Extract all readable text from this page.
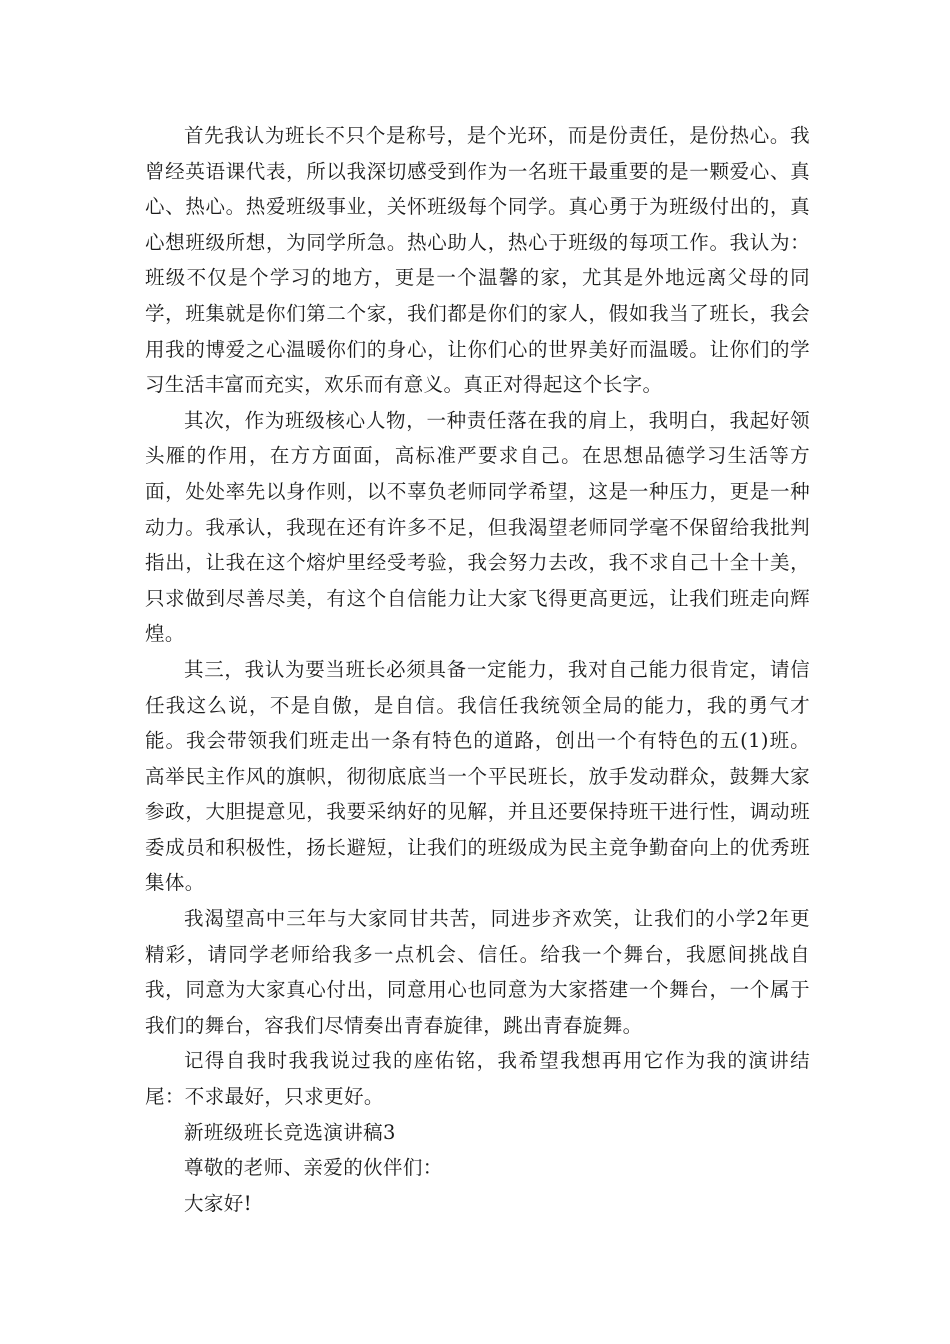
首先我认为班长不只个是称号，是个光环，而是份责任，是份热心。我曾经英语课代表，所以我深切感受到作为一名班干最重要的是一颗爱心、真心、热心。热爱班级事业，关怀班级每个同学。真心勇于为班级付出的，真心想班级所想，为同学所急。热心助人，热心于班级的每项工作。我认为：班级不仅是个学习的地方，更是一个温馨的家，尤其是外地远离父母的同学，班集就是你们第二个家，我们都是你们的家人，假如我当了班长，我会用我的博爱之心温暖你们的身心，让你们心的世界美好而温暖。让你们的学习生活丰富而充实，欢乐而有意义。真正对得起这个长字。

其次，作为班级核心人物，一种责任落在我的肩上，我明白，我起好领头雁的作用，在方方面面，高标准严要求自己。在思想品德学习生活等方面，处处率先以身作则，以不辜负老师同学希望，这是一种压力，更是一种动力。我承认，我现在还有许多不足，但我渴望老师同学毫不保留给我批判指出，让我在这个熔炉里经受考验，我会努力去改，我不求自己十全十美，只求做到尽善尽美，有这个自信能力让大家飞得更高更远，让我们班走向辉煌。

其三，我认为要当班长必须具备一定能力，我对自己能力很肯定，请信任我这么说，不是自傲，是自信。我信任我统领全局的能力，我的勇气才能。我会带领我们班走出一条有特色的道路，创出一个有特色的五(1)班。高举民主作风的旗帜，彻彻底底当一个平民班长，放手发动群众，鼓舞大家参政，大胆提意见，我要采纳好的见解，并且还要保持班干进行性，调动班委成员和积极性，扬长避短，让我们的班级成为民主竞争勤奋向上的优秀班集体。

我渴望高中三年与大家同甘共苦，同进步齐欢笑，让我们的小学2年更精彩，请同学老师给我多一点机会、信任。给我一个舞台，我愿间挑战自我，同意为大家真心付出，同意用心也同意为大家搭建一个舞台，一个属于我们的舞台，容我们尽情奏出青春旋律，跳出青春旋舞。

记得自我时我我说过我的座佑铭，我希望我想再用它作为我的演讲结尾：不求最好，只求更好。

新班级班长竞选演讲稿3

尊敬的老师、亲爱的伙伴们：

大家好!
